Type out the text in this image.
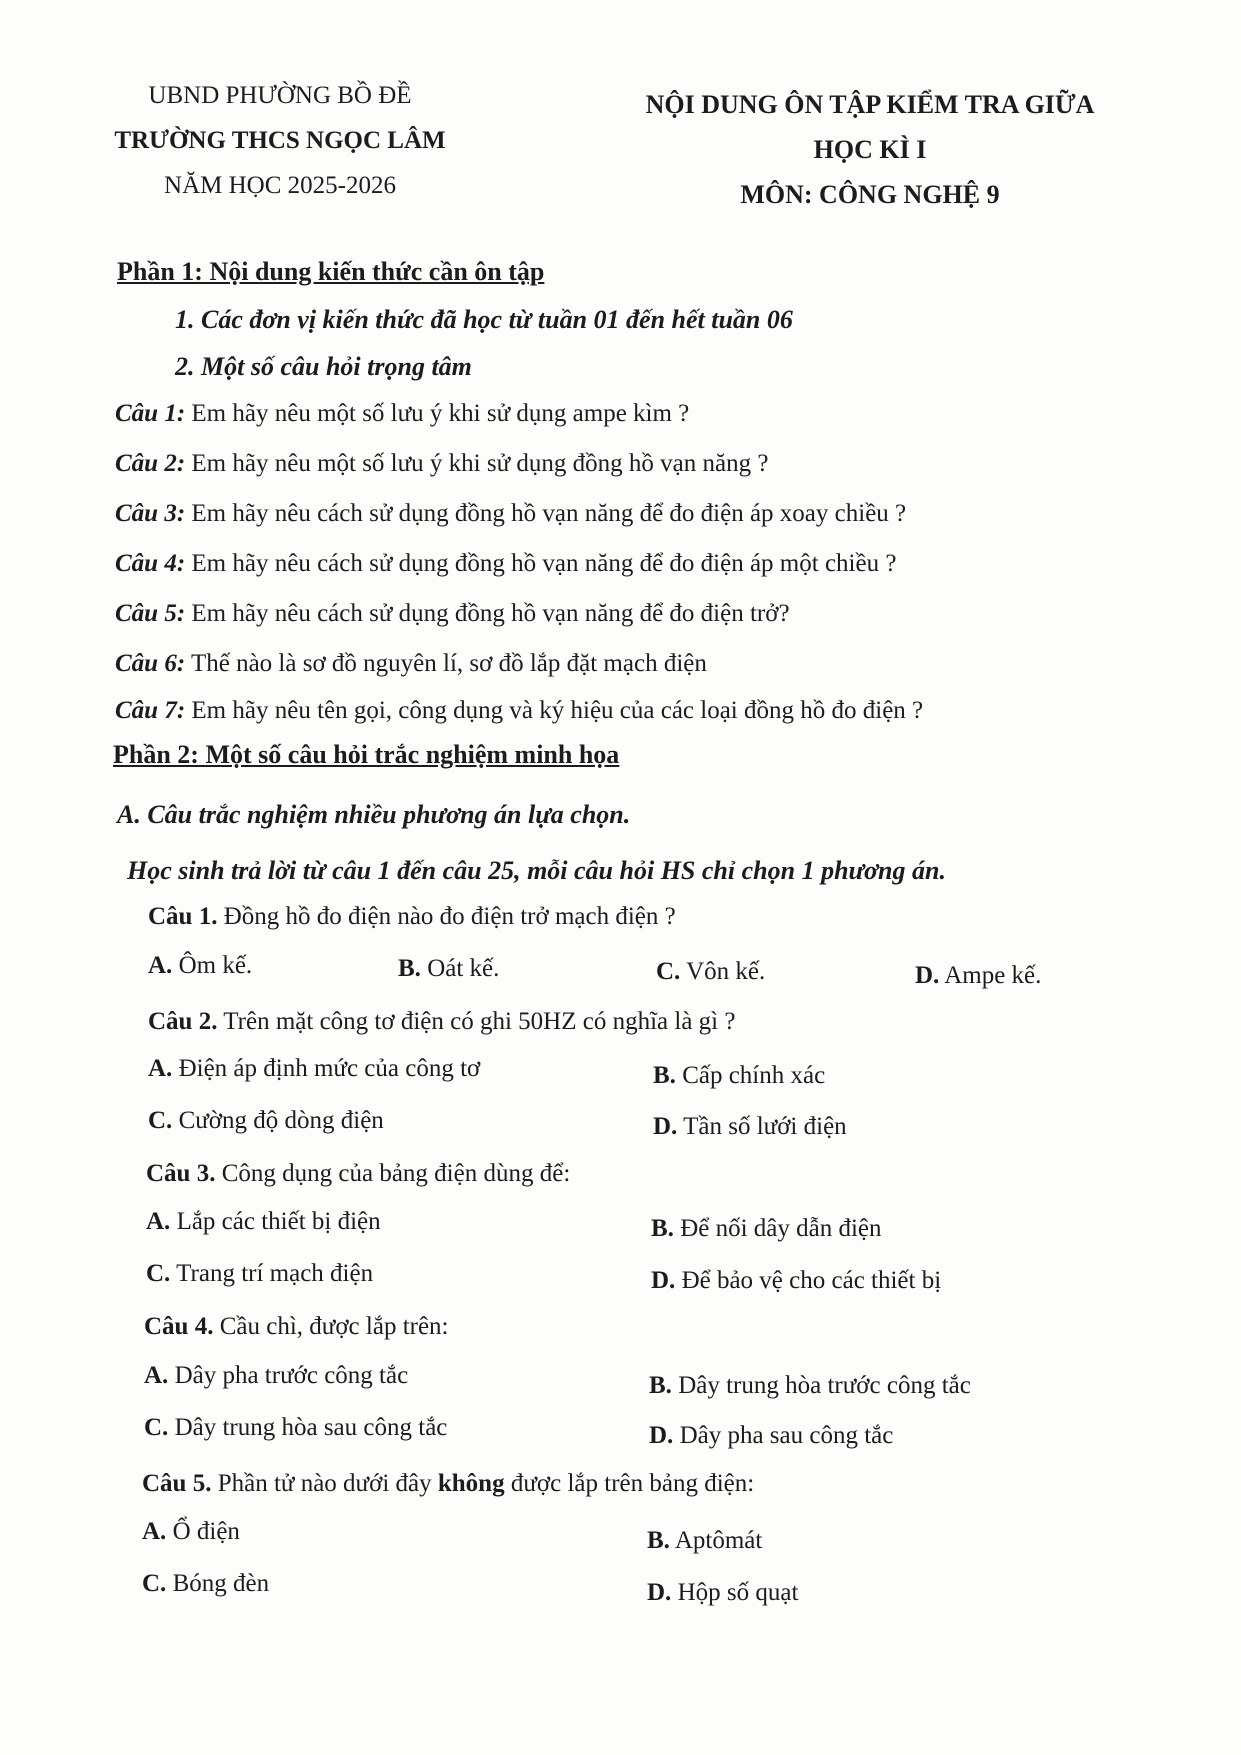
UBND PHƯỜNG BỒ ĐỀ
TRƯỜNG THCS NGỌC LÂM
NĂM HỌC 2025-2026
NỘI DUNG ÔN TẬP KIỂM TRA GIỮA
HỌC KÌ I
MÔN: CÔNG NGHỆ 9
Phần 1: Nội dung kiến thức cần ôn tập
1. Các đơn vị kiến thức đã học từ tuần 01 đến hết tuần 06
2. Một số câu hỏi trọng tâm
Câu 1: Em hãy nêu một số lưu ý khi sử dụng ampe kìm ?
Câu 2: Em hãy nêu một số lưu ý khi sử dụng đồng hồ vạn năng ?
Câu 3: Em hãy nêu cách sử dụng đồng hồ vạn năng để đo điện áp xoay chiều ?
Câu 4: Em hãy nêu cách sử dụng đồng hồ vạn năng để đo điện áp một chiều ?
Câu 5: Em hãy nêu cách sử dụng đồng hồ vạn năng để đo điện trở?
Câu 6: Thế nào là sơ đồ nguyên lí, sơ đồ lắp đặt mạch điện
Câu 7: Em hãy nêu tên gọi, công dụng và ký hiệu của các loại đồng hồ đo điện ?
Phần 2: Một số câu hỏi trắc nghiệm minh họa
A. Câu trắc nghiệm nhiều phương án lựa chọn.
Học sinh trả lời từ câu 1 đến câu 25, mỗi câu hỏi HS chỉ chọn 1 phương án.
Câu 1. Đồng hồ đo điện nào đo điện trở mạch điện ?
A. Ôm kế.	B. Oát kế.	C. Vôn kế.	D. Ampe kế.
Câu 2. Trên mặt công tơ điện có ghi 50HZ có nghĩa là gì ?
A. Điện áp định mức của công tơ	B. Cấp chính xác
C. Cường độ dòng điện	D. Tần số lưới điện
Câu 3. Công dụng của bảng điện dùng để:
A. Lắp các thiết bị điện	B. Để nối dây dẫn điện
C. Trang trí mạch điện	D. Để bảo vệ cho các thiết bị
Câu 4. Cầu chì, được lắp trên:
A. Dây pha trước công tắc	B. Dây trung hòa trước công tắc
C. Dây trung hòa sau công tắc	D. Dây pha sau công tắc
Câu 5. Phần tử nào dưới đây không được lắp trên bảng điện:
A. Ổ điện	B. Aptômát
C. Bóng đèn	D. Hộp số quạt
